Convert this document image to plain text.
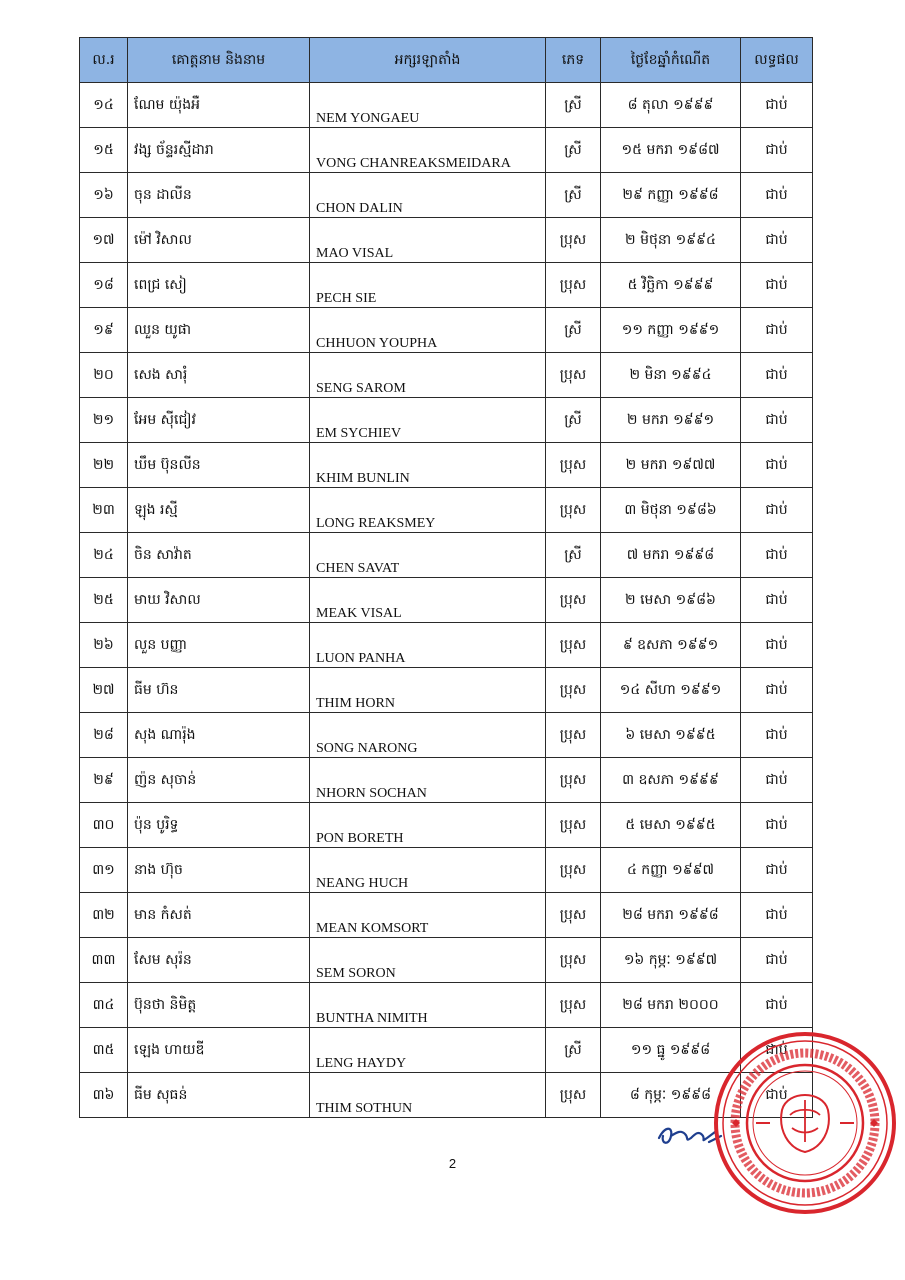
ល.រ	គោត្តនាម និងនាម	អក្សរឡាតាំង	ភេទ	ថ្ងៃខែឆ្នាំកំណើត	លទ្ធផល
១៤	ណែម យ៉ុងអឺ	NEM YONGAEU	ស្រី	៨ តុលា ១៩៩៩	ជាប់
១៥	វង្ស ច័ន្ទរស្មីដារា	VONG CHANREAKSMEIDARA	ស្រី	១៥ មករា ១៩៨៧	ជាប់
១៦	ចុន ដាលីន	CHON DALIN	ស្រី	២៩ កញ្ញា ១៩៩៨	ជាប់
១៧	ម៉ៅ វិសាល	MAO VISAL	ប្រុស	២ មិថុនា ១៩៩៤	ជាប់
១៨	ពេជ្រ សៀ	PECH SIE	ប្រុស	៥ វិច្ឆិកា ១៩៩៩	ជាប់
១៩	ឈួន យូផា	CHHUON YOUPHA	ស្រី	១១ កញ្ញា ១៩៩១	ជាប់
២០	សេង សារុំ	SENG SAROM	ប្រុស	២ មិនា ១៩៩៤	ជាប់
២១	អែម ស៊ីជៀវ	EM SYCHIEV	ស្រី	២ មករា ១៩៩១	ជាប់
២២	ឃឹម ប៊ុនលីន	KHIM BUNLIN	ប្រុស	២ មករា ១៩៧៧	ជាប់
២៣	ឡុង រស្មី	LONG REAKSMEY	ប្រុស	៣ មិថុនា ១៩៨៦	ជាប់
២៤	ចិន សាវ៉ាត	CHEN SAVAT	ស្រី	៧ មករា ១៩៩៨	ជាប់
២៥	មាឃ វិសាល	MEAK VISAL	ប្រុស	២ មេសា ១៩៨៦	ជាប់
២៦	លួន បញ្ញា	LUON PANHA	ប្រុស	៩ ឧសភា ១៩៩១	ជាប់
២៧	ធីម ហ៊ន	THIM HORN	ប្រុស	១៤ សីហា ១៩៩១	ជាប់
២៨	សុង ណារ៉ុង	SONG NARONG	ប្រុស	៦ មេសា ១៩៩៥	ជាប់
២៩	ញ៉ន សុចាន់	NHORN SOCHAN	ប្រុស	៣ ឧសភា ១៩៩៩	ជាប់
៣០	ប៉ុន បូរិទ្ធ	PON BORETH	ប្រុស	៥ មេសា ១៩៩៥	ជាប់
៣១	នាង ហ៊ុច	NEANG HUCH	ប្រុស	៤ កញ្ញា ១៩៩៧	ជាប់
៣២	មាន កំសត់	MEAN KOMSORT	ប្រុស	២៨ មករា ១៩៩៨	ជាប់
៣៣	សែម សុរ៉ន	SEM SORON	ប្រុស	១៦ កុម្ភៈ ១៩៩៧	ជាប់
៣៤	ប៊ុនថា និមិត្ត	BUNTHA NIMITH	ប្រុស	២៨ មករា ២០០០	ជាប់
៣៥	ឡេង ហាយឌី	LENG HAYDY	ស្រី	១១ ធ្នូ ១៩៩៨	ជាប់
៣៦	ធីម សុធន់	THIM SOTHUN	ប្រុស	៨ កុម្ភៈ ១៩៩៨	ជាប់
2
